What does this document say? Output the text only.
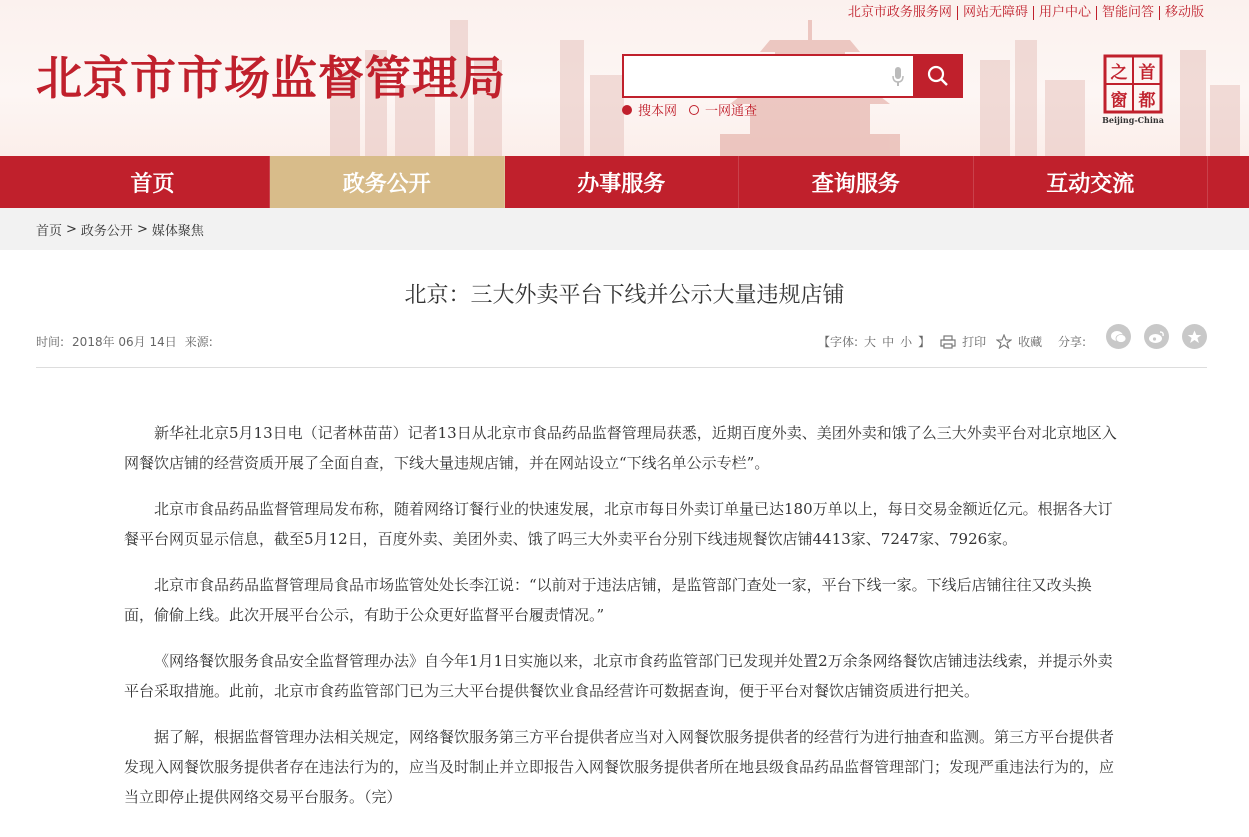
北京市市场监督管理局
北京市政务服务网 网站无障碍 用户中心 智能问答 移动版
搜本网 一网通查
首
都
之
窗
Beijing-China
首页	政务公开	办事服务	查询服务	互动交流
首页 > 政务公开 > 媒体聚焦
北京：三大外卖平台下线并公示大量违规店铺
时间: 2018年 06月 14日 来源:	【字体: 大 中 小 】	打印	收藏 分享:

新华社北京5月13日电（记者林苗苗）记者13日从北京市食品药品监督管理局获悉，近期百度外卖、美团外卖和饿了么三大外卖平台对北京地区入网餐饮店铺的经营资质开展了全面自查，下线大量违规店铺，并在网站设立“下线名单公示专栏”。

北京市食品药品监督管理局发布称，随着网络订餐行业的快速发展，北京市每日外卖订单量已达180万单以上，每日交易金额近亿元。根据各大订餐平台网页显示信息，截至5月12日，百度外卖、美团外卖、饿了吗三大外卖平台分别下线违规餐饮店铺4413家、7247家、7926家。

北京市食品药品监督管理局食品市场监管处处长李江说：“以前对于违法店铺，是监管部门查处一家，平台下线一家。下线后店铺往往又改头换面，偷偷上线。此次开展平台公示，有助于公众更好监督平台履责情况。”

《网络餐饮服务食品安全监督管理办法》自今年1月1日实施以来，北京市食药监管部门已发现并处置2万余条网络餐饮店铺违法线索，并提示外卖平台采取措施。此前，北京市食药监管部门已为三大平台提供餐饮业食品经营许可数据查询，便于平台对餐饮店铺资质进行把关。

据了解，根据监督管理办法相关规定，网络餐饮服务第三方平台提供者应当对入网餐饮服务提供者的经营行为进行抽查和监测。第三方平台提供者发现入网餐饮服务提供者存在违法行为的，应当及时制止并立即报告入网餐饮服务提供者所在地县级食品药品监督管理部门；发现严重违法行为的，应当立即停止提供网络交易平台服务。（完）
